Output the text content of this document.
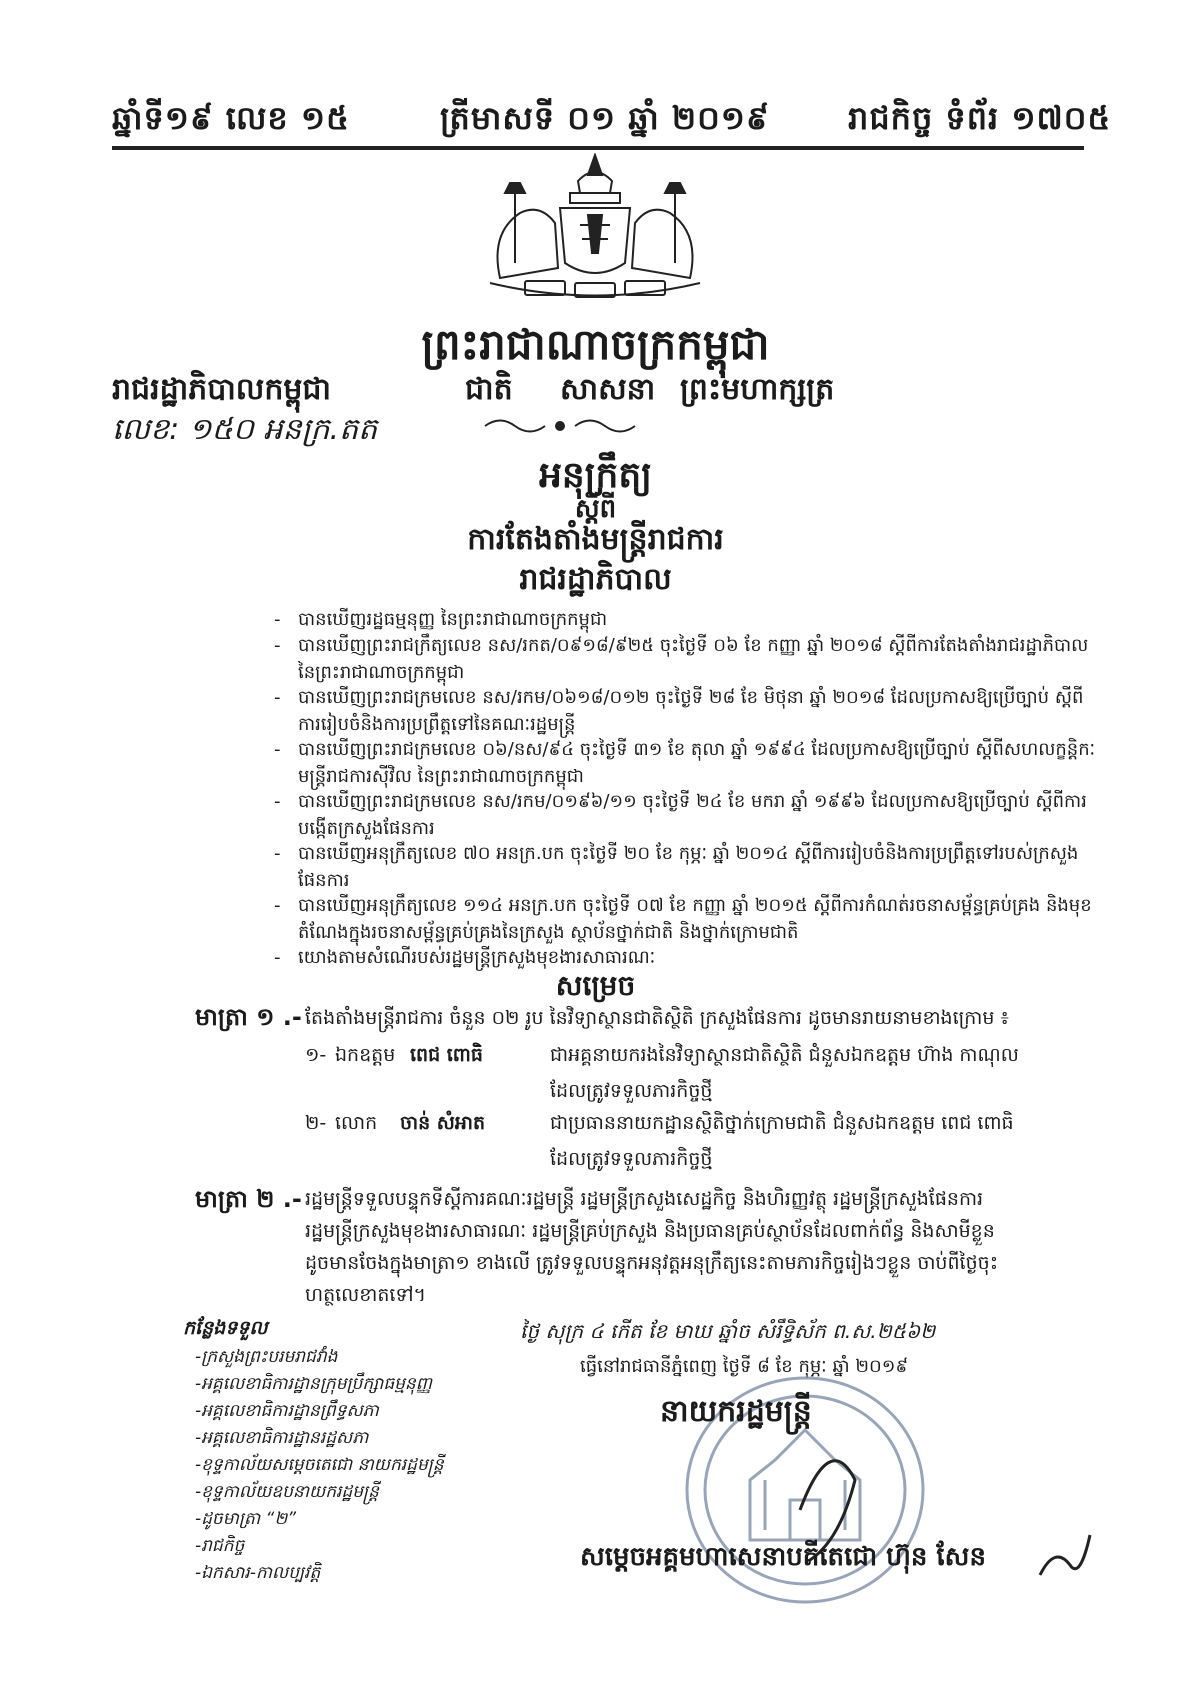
ឆ្នាំទី១៩ លេខ ១៥	ត្រីមាសទី ០១ ឆ្នាំ ២០១៩ រាជកិច្ច ទំព័រ ១៧០៥
ព្រះរាជាណាចក្រកម្ពុជា
រាជរដ្ឋាភិបាលកម្ពុជា	ជាតិ សាសនា ព្រះមហាក្សត្រ
លេខ: ១៥០ អនក្រ.តត
អនុក្រឹត្យ
ស្ដីពី
ការតែងតាំងមន្ត្រីរាជការ
រាជរដ្ឋាភិបាល
- បានឃើញរដ្ឋធម្មនុញ្ញ នៃព្រះរាជាណាចក្រកម្ពុជា
- បានឃើញព្រះរាជក្រឹត្យលេខ នស/រកត/០៩១៨/៩២៥ ចុះថ្ងៃទី ០៦ ខែ កញ្ញា ឆ្នាំ ២០១៨ ស្តីពីការតែងតាំងរាជរដ្ឋាភិបាល នៃព្រះរាជាណាចក្រកម្ពុជា
- បានឃើញព្រះរាជក្រមលេខ នស/រកម/០៦១៨/០១២ ចុះថ្ងៃទី ២៨ ខែ មិថុនា ឆ្នាំ ២០១៨ ដែលប្រកាសឱ្យប្រើច្បាប់ ស្តីពីការរៀបចំនិងការប្រព្រឹត្តទៅនៃគណៈរដ្ឋមន្ត្រី
- បានឃើញព្រះរាជក្រមលេខ ០៦/នស/៩៤ ចុះថ្ងៃទី ៣១ ខែ តុលា ឆ្នាំ ១៩៩៤ ដែលប្រកាសឱ្យប្រើច្បាប់ ស្តីពីសហលក្ខន្តិកៈមន្ត្រីរាជការស៊ីវិល នៃព្រះរាជាណាចក្រកម្ពុជា
- បានឃើញព្រះរាជក្រមលេខ នស/រកម/០១៩៦/១១ ចុះថ្ងៃទី ២៤ ខែ មករា ឆ្នាំ ១៩៩៦ ដែលប្រកាសឱ្យប្រើច្បាប់ ស្តីពីការបង្កើតក្រសួងផែនការ
- បានឃើញអនុក្រឹត្យលេខ ៧០ អនក្រ.បក ចុះថ្ងៃទី ២០ ខែ កុម្ភៈ ឆ្នាំ ២០១៤ ស្តីពីការរៀបចំនិងការប្រព្រឹត្តទៅរបស់ក្រសួងផែនការ
- បានឃើញអនុក្រឹត្យលេខ ១១៤ អនក្រ.បក ចុះថ្ងៃទី ០៧ ខែ កញ្ញា ឆ្នាំ ២០១៥ ស្តីពីការកំណត់រចនាសម្ព័ន្ធគ្រប់គ្រង និងមុខតំណែងក្នុងរចនាសម្ព័ន្ធគ្រប់គ្រងនៃក្រសួង ស្ថាប័នថ្នាក់ជាតិ និងថ្នាក់ក្រោមជាតិ
- យោងតាមសំណើរបស់រដ្ឋមន្ត្រីក្រសួងមុខងារសាធារណៈ
សម្រេច
មាត្រា ១ .- តែងតាំងមន្ត្រីរាជការ ចំនួន ០២ រូប នៃវិទ្យាស្ថានជាតិស្ថិតិ ក្រសួងផែនការ ដូចមានរាយនាមខាងក្រោម ៖
១- ឯកឧត្តម ពេជ ពោធិ	ជាអគ្គនាយករងនៃវិទ្យាស្ថានជាតិស្ថិតិ ជំនួសឯកឧត្តម ហ៊ាង កាណុល
ដែលត្រូវទទួលភារកិច្ចថ្មី
២- លោក ចាន់ សំអាត	ជាប្រធាននាយកដ្ឋានស្ថិតិថ្នាក់ក្រោមជាតិ ជំនួសឯកឧត្តម ពេជ ពោធិ
ដែលត្រូវទទួលភារកិច្ចថ្មី
មាត្រា ២ .- រដ្ឋមន្ត្រីទទួលបន្ទុកទីស្តីការគណៈរដ្ឋមន្ត្រី រដ្ឋមន្ត្រីក្រសួងសេដ្ឋកិច្ច និងហិរញ្ញវត្ថុ រដ្ឋមន្ត្រីក្រសួងផែនការ
រដ្ឋមន្ត្រីក្រសួងមុខងារសាធារណៈ រដ្ឋមន្ត្រីគ្រប់ក្រសួង និងប្រធានគ្រប់ស្ថាប័នដែលពាក់ព័ន្ធ និងសាមីខ្លួន
ដូចមានចែងក្នុងមាត្រា១ ខាងលើ ត្រូវទទួលបន្ទុកអនុវត្តអនុក្រឹត្យនេះតាមភារកិច្ចរៀងៗខ្លួន ចាប់ពីថ្ងៃចុះ
ហត្ថលេខាតទៅ។
ថ្ងៃ សុក្រ ៤ កើត ខែ មាឃ ឆ្នាំច សំរឹទ្ធិស័ក ព.ស.២៥៦២
ធ្វើនៅរាជធានីភ្នំពេញ ថ្ងៃទី ៨ ខែ កុម្ភៈ ឆ្នាំ ២០១៩
នាយករដ្ឋមន្ត្រី
កន្លែងទទួល
-ក្រសួងព្រះបរមរាជវាំង
-អគ្គលេខាធិការដ្ឋានក្រុមប្រឹក្សាធម្មនុញ្ញ
-អគ្គលេខាធិការដ្ឋានព្រឹទ្ធសភា
-អគ្គលេខាធិការដ្ឋានរដ្ឋសភា
-ខុទ្ទកាល័យសម្តេចតេជោ នាយករដ្ឋមន្ត្រី
-ខុទ្ទកាល័យឧបនាយករដ្ឋមន្ត្រី
-ដូចមាត្រា “២”
-រាជកិច្ច
-ឯកសារ-កាលប្បវត្តិ
សម្តេចអគ្គមហាសេនាបតីតេជោ ហ៊ុន សែន
